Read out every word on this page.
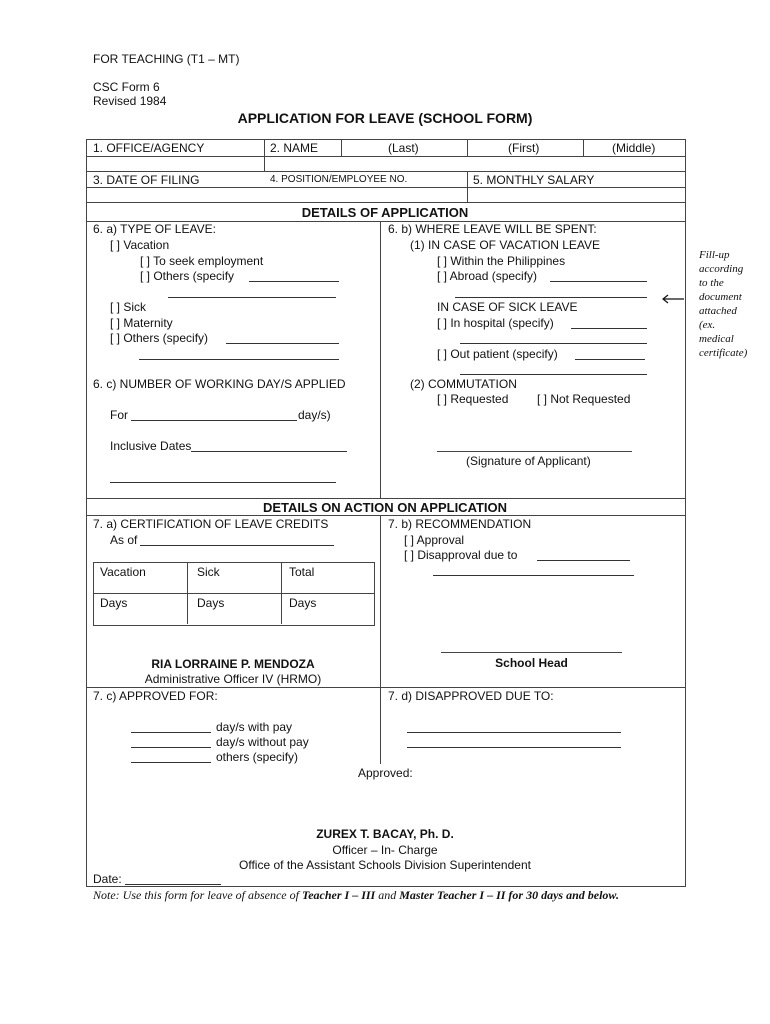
FOR TEACHING (T1 – MT)
CSC Form 6
Revised 1984
APPLICATION FOR LEAVE (SCHOOL FORM)
1. OFFICE/AGENCY	2. NAME	(Last)	(First)	(Middle)
3. DATE OF FILING	4. POSITION/EMPLOYEE NO.	5. MONTHLY SALARY
DETAILS OF APPLICATION
6. a) TYPE OF LEAVE:
[ ] Vacation
[ ] To seek employment
[ ] Others (specify
[ ] Sick
[ ] Maternity
[ ] Others (specify)
6. c) NUMBER OF WORKING DAY/S APPLIED
For	day/s)
Inclusive Dates
6. b) WHERE LEAVE WILL BE SPENT:
(1) IN CASE OF VACATION LEAVE
[ ] Within the Philippines
[ ] Abroad (specify)
IN CASE OF SICK LEAVE
[ ] In hospital (specify)
[ ] Out patient (specify)
(2) COMMUTATION
[ ] Requested [ ] Not Requested
(Signature of Applicant)
Fill-up
according
to the
document
attached
(ex.
medical
certificate)
DETAILS ON ACTION ON APPLICATION
7. a) CERTIFICATION OF LEAVE CREDITS
As of
Vacation	Sick	Total
Days	Days	Days
RIA LORRAINE P. MENDOZA
Administrative Officer IV (HRMO)
7. b) RECOMMENDATION
[ ] Approval
[ ] Disapproval due to
School Head
7. c) APPROVED FOR:
day/s with pay
day/s without pay
others (specify)
7. d) DISAPPROVED DUE TO:
Approved:
ZUREX T. BACAY, Ph. D.
Officer – In- Charge
Office of the Assistant Schools Division Superintendent
Date:
Note: Use this form for leave of absence of Teacher I – III and Master Teacher I – II for 30 days and below.
